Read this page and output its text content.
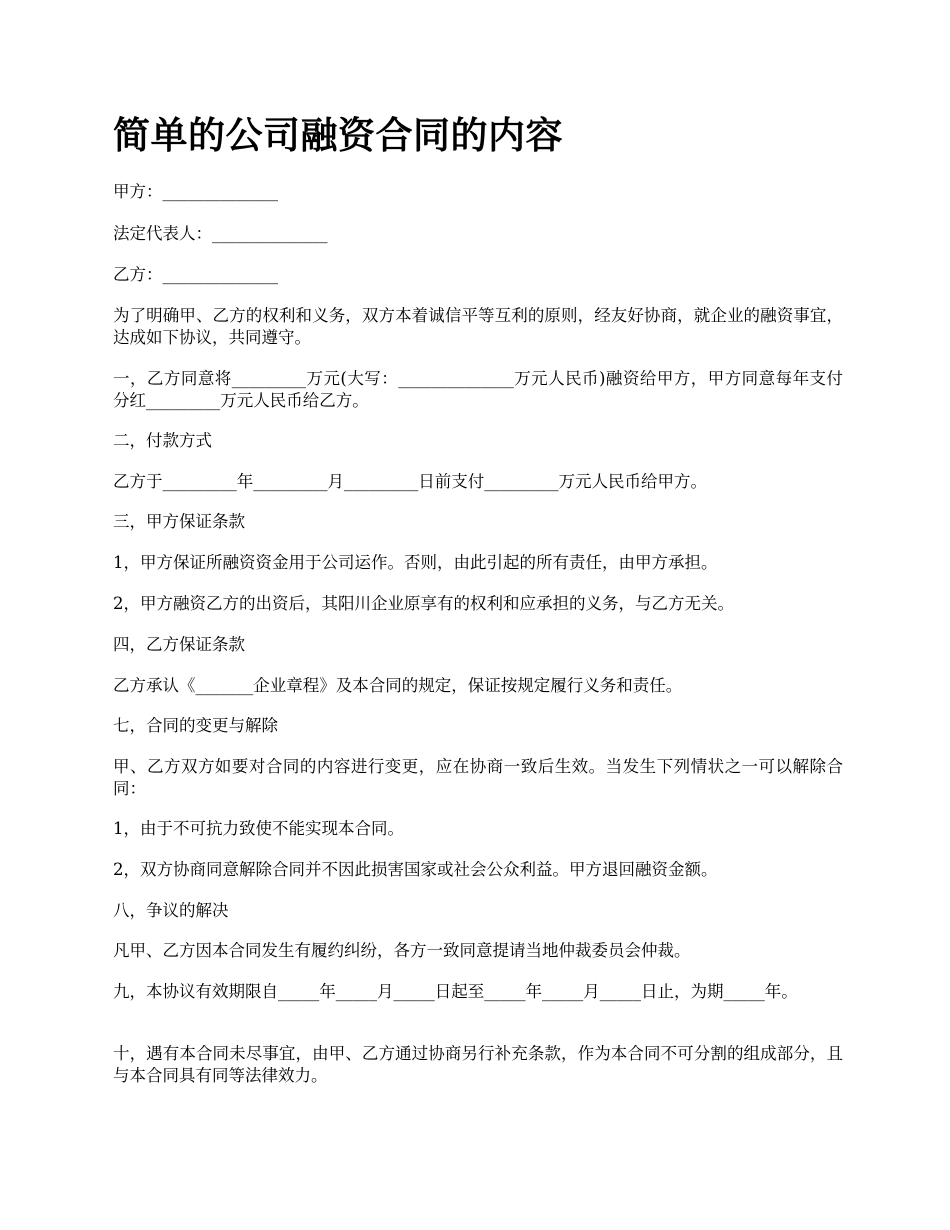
简单的公司融资合同的内容

甲方：______________

法定代表人：______________

乙方：______________

为了明确甲、乙方的权利和义务，双方本着诚信平等互利的原则，经友好协商，就企业的融资事宜，达成如下协议，共同遵守。

一，乙方同意将_________万元(大写：______________万元人民币)融资给甲方，甲方同意每年支付分红_________万元人民币给乙方。

二，付款方式

乙方于_________年_________月_________日前支付_________万元人民币给甲方。

三，甲方保证条款

1，甲方保证所融资资金用于公司运作。否则，由此引起的所有责任，由甲方承担。

2，甲方融资乙方的出资后，其阳川企业原享有的权利和应承担的义务，与乙方无关。

四，乙方保证条款

乙方承认《_______企业章程》及本合同的规定，保证按规定履行义务和责任。

七，合同的变更与解除

甲、乙方双方如要对合同的内容进行变更，应在协商一致后生效。当发生下列情状之一可以解除合同：

1，由于不可抗力致使不能实现本合同。

2，双方协商同意解除合同并不因此损害国家或社会公众利益。甲方退回融资金额。

八，争议的解决

凡甲、乙方因本合同发生有履约纠纷，各方一致同意提请当地仲裁委员会仲裁。

九，本协议有效期限自_____年_____月_____日起至_____年_____月_____日止，为期_____年。

十，遇有本合同未尽事宜，由甲、乙方通过协商另行补充条款，作为本合同不可分割的组成部分，且与本合同具有同等法律效力。
